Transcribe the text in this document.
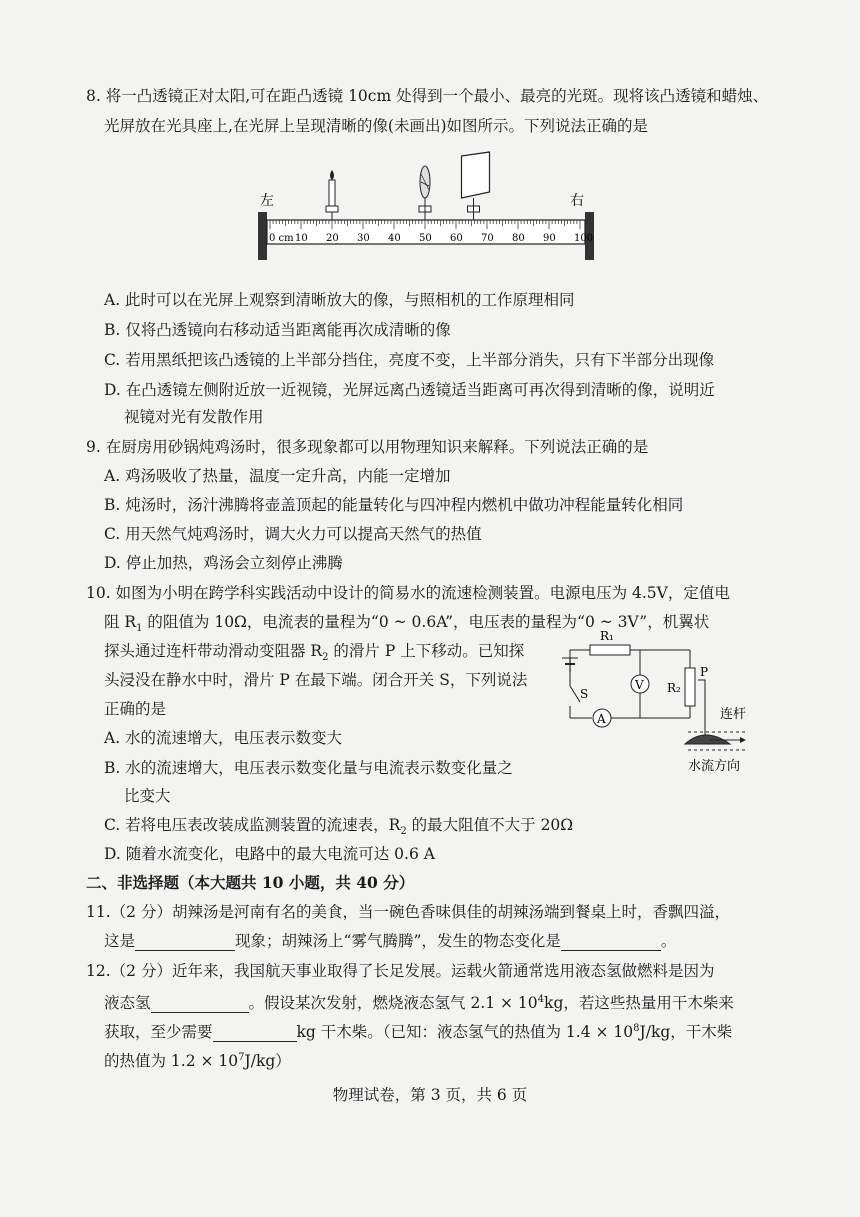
8. 将一凸透镜正对太阳,可在距凸透镜 10cm 处得到一个最小、最亮的光斑。现将该凸透镜和蜡烛、
光屏放在光具座上,在光屏上呈现清晰的像(未画出)如图所示。下列说法正确的是
左	右
0 cm 10 20 30 40 50 60 70 80 90 100
A. 此时可以在光屏上观察到清晰放大的像，与照相机的工作原理相同
B. 仅将凸透镜向右移动适当距离能再次成清晰的像
C. 若用黑纸把该凸透镜的上半部分挡住，亮度不变，上半部分消失，只有下半部分出现像
D. 在凸透镜左侧附近放一近视镜，光屏远离凸透镜适当距离可再次得到清晰的像，说明近
视镜对光有发散作用
9. 在厨房用砂锅炖鸡汤时，很多现象都可以用物理知识来解释。下列说法正确的是
A. 鸡汤吸收了热量，温度一定升高，内能一定增加
B. 炖汤时，汤汁沸腾将壶盖顶起的能量转化与四冲程内燃机中做功冲程能量转化相同
C. 用天然气炖鸡汤时，调大火力可以提高天然气的热值
D. 停止加热，鸡汤会立刻停止沸腾
10. 如图为小明在跨学科实践活动中设计的简易水的流速检测装置。电源电压为 4.5V，定值电
阻 $R_1$ 的阻值为 10Ω，电流表的量程为“0 ~ 0.6A”，电压表的量程为“0 ~ 3V”，机翼状
探头通过连杆带动滑动变阻器 $R_2$ 的滑片 P 上下移动。已知探
头浸没在静水中时，滑片 P 在最下端。闭合开关 S，下列说法
正确的是
R₁
V R₂
P
S
A	连杆
水流方向
A. 水的流速增大，电压表示数变大
B. 水的流速增大，电压表示数变化量与电流表示数变化量之
比变大
C. 若将电压表改装成监测装置的流速表，$R_2$ 的最大阻值不大于 20Ω
D. 随着水流变化，电路中的最大电流可达 0.6 A
二、非选择题（本大题共 10 小题，共 40 分）
11.（2 分）胡辣汤是河南有名的美食，当一碗色香味俱佳的胡辣汤端到餐桌上时，香飘四溢，
这是	现象；胡辣汤上“雾气腾腾”，发生的物态变化是	。
12.（2 分）近年来，我国航天事业取得了长足发展。运载火箭通常选用液态氢做燃料是因为
液态氢	。假设某次发射，燃烧液态氢气 $2.1 \times 10^4kg$，若这些热量用干木柴来
获取，至少需要	kg 干木柴。（已知：液态氢气的热值为 $1.4 \times 10^8J/kg$，干木柴
的热值为 $1.2 \times 10^7J/kg$）
物理试卷，第 3 页，共 6 页
